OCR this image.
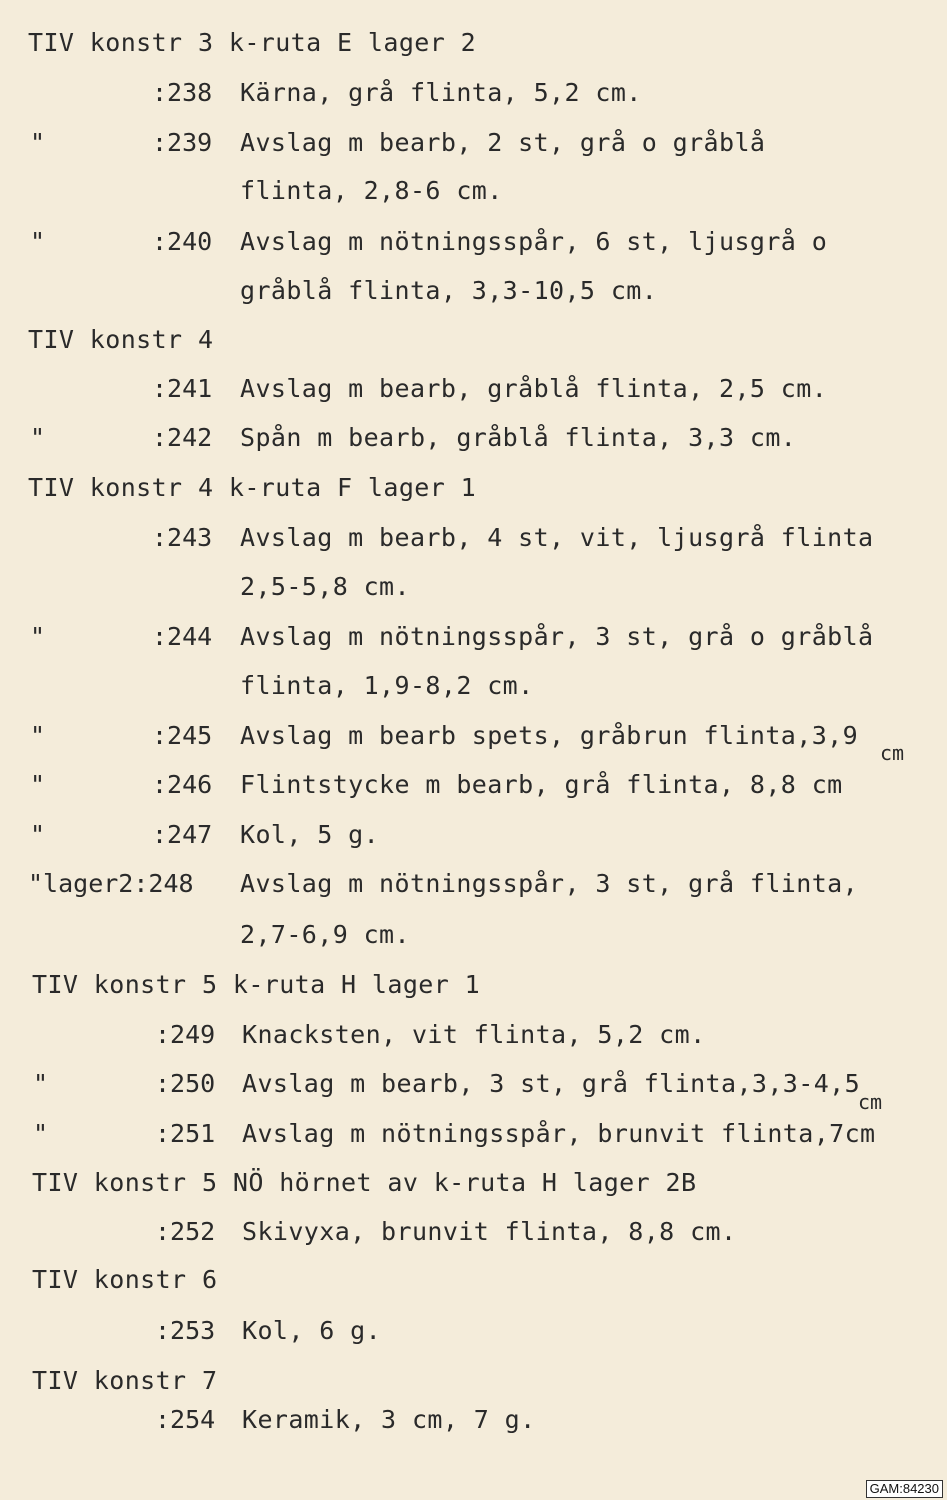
TIV konstr 3 k-ruta E lager 2
:238 Kärna, grå flinta, 5,2 cm.
"	:239 Avslag m bearb, 2 st, grå o gråblå
flinta, 2,8-6 cm.
"	:240 Avslag m nötningsspår, 6 st, ljusgrå o
gråblå flinta, 3,3-10,5 cm.
TIV konstr 4
:241 Avslag m bearb, gråblå flinta, 2,5 cm.
"	:242 Spån m bearb, gråblå flinta, 3,3 cm.
TIV konstr 4 k-ruta F lager 1
:243 Avslag m bearb, 4 st, vit, ljusgrå flinta
2,5-5,8 cm.
"	:244 Avslag m nötningsspår, 3 st, grå o gråblå
flinta, 1,9-8,2 cm.
"	:245 Avslag m bearb spets, gråbrun flinta,3,9
cm
"	:246 Flintstycke m bearb, grå flinta, 8,8 cm
"	:247 Kol, 5 g.
"lager2:248 Avslag m nötningsspår, 3 st, grå flinta,
2,7-6,9 cm.
TIV konstr 5 k-ruta H lager 1
:249 Knacksten, vit flinta, 5,2 cm.
"	:250 Avslag m bearb, 3 st, grå flinta,3,3-4,5
cm
"	:251 Avslag m nötningsspår, brunvit flinta,7cm
TIV konstr 5 NÖ hörnet av k-ruta H lager 2B
:252 Skivyxa, brunvit flinta, 8,8 cm.
TIV konstr 6
:253 Kol, 6 g.
TIV konstr 7
:254 Keramik, 3 cm, 7 g.
GAM:84230
